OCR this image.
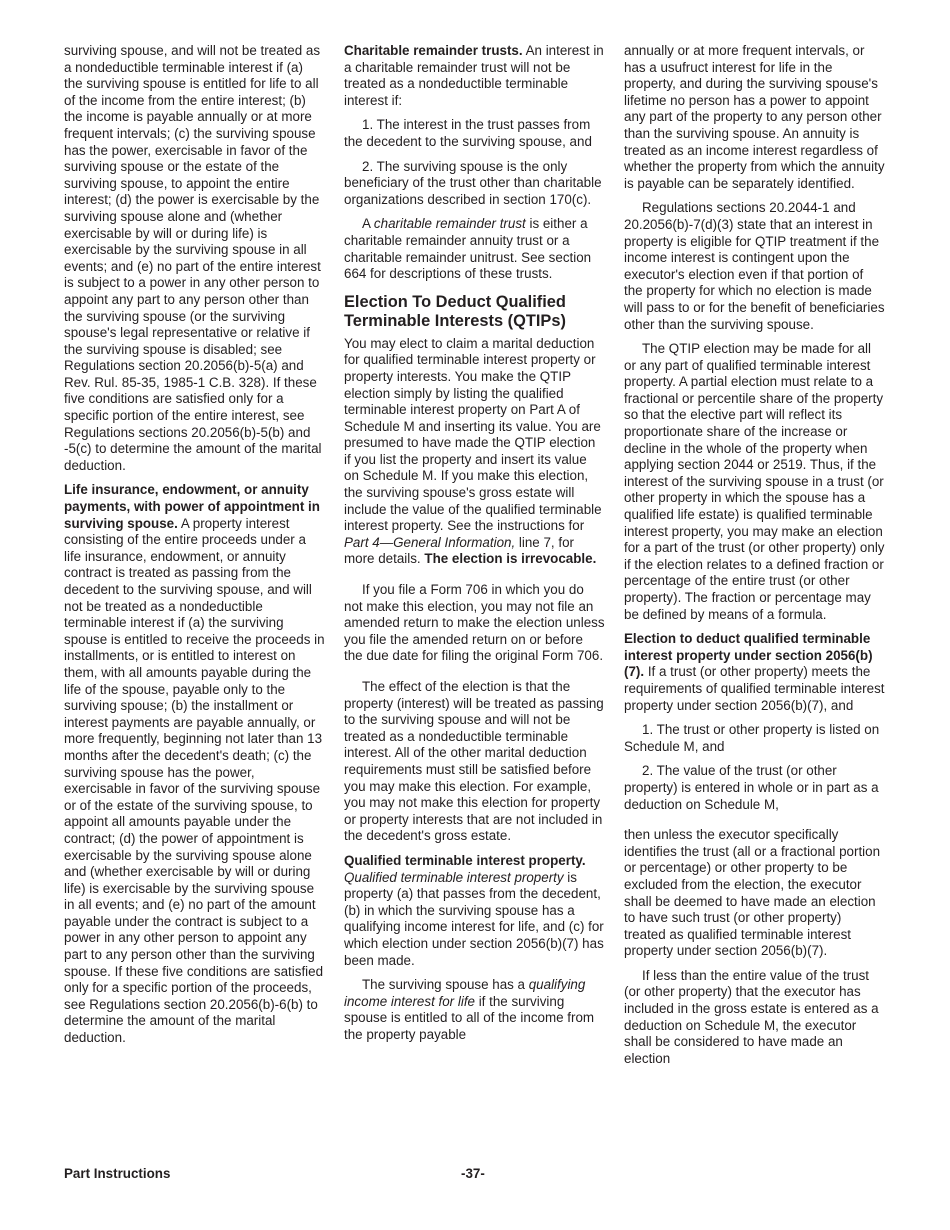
surviving spouse, and will not be treated as a nondeductible terminable interest if (a) the surviving spouse is entitled for life to all of the income from the entire interest; (b) the income is payable annually or at more frequent intervals; (c) the surviving spouse has the power, exercisable in favor of the surviving spouse or the estate of the surviving spouse, to appoint the entire interest; (d) the power is exercisable by the surviving spouse alone and (whether exercisable by will or during life) is exercisable by the surviving spouse in all events; and (e) no part of the entire interest is subject to a power in any other person to appoint any part to any person other than the surviving spouse (or the surviving spouse's legal representative or relative if the surviving spouse is disabled; see Regulations section 20.2056(b)-5(a) and Rev. Rul. 85-35, 1985-1 C.B. 328). If these five conditions are satisfied only for a specific portion of the entire interest, see Regulations sections 20.2056(b)-5(b) and -5(c) to determine the amount of the marital deduction.

Life insurance, endowment, or annuity payments, with power of appointment in surviving spouse. A property interest consisting of the entire proceeds under a life insurance, endowment, or annuity contract is treated as passing from the decedent to the surviving spouse, and will not be treated as a nondeductible terminable interest if (a) the surviving spouse is entitled to receive the proceeds in installments, or is entitled to interest on them, with all amounts payable during the life of the spouse, payable only to the surviving spouse; (b) the installment or interest payments are payable annually, or more frequently, beginning not later than 13 months after the decedent's death; (c) the surviving spouse has the power, exercisable in favor of the surviving spouse or of the estate of the surviving spouse, to appoint all amounts payable under the contract; (d) the power of appointment is exercisable by the surviving spouse alone and (whether exercisable by will or during life) is exercisable by the surviving spouse in all events; and (e) no part of the amount payable under the contract is subject to a power in any other person to appoint any part to any person other than the surviving spouse. If these five conditions are satisfied only for a specific portion of the proceeds, see Regulations section 20.2056(b)-6(b) to determine the amount of the marital deduction.

Charitable remainder trusts. An interest in a charitable remainder trust will not be treated as a nondeductible terminable interest if:

1. The interest in the trust passes from the decedent to the surviving spouse, and

2. The surviving spouse is the only beneficiary of the trust other than charitable organizations described in section 170(c).

A charitable remainder trust is either a charitable remainder annuity trust or a charitable remainder unitrust. See section 664 for descriptions of these trusts.

Election To Deduct Qualified Terminable Interests (QTIPs)

You may elect to claim a marital deduction for qualified terminable interest property or property interests. You make the QTIP election simply by listing the qualified terminable interest property on Part A of Schedule M and inserting its value. You are presumed to have made the QTIP election if you list the property and insert its value on Schedule M. If you make this election, the surviving spouse's gross estate will include the value of the qualified terminable interest property. See the instructions for Part 4—General Information, line 7, for more details. The election is irrevocable.

If you file a Form 706 in which you do not make this election, you may not file an amended return to make the election unless you file the amended return on or before the due date for filing the original Form 706.

The effect of the election is that the property (interest) will be treated as passing to the surviving spouse and will not be treated as a nondeductible terminable interest. All of the other marital deduction requirements must still be satisfied before you may make this election. For example, you may not make this election for property or property interests that are not included in the decedent's gross estate.

Qualified terminable interest property. Qualified terminable interest property is property (a) that passes from the decedent, (b) in which the surviving spouse has a qualifying income interest for life, and (c) for which election under section 2056(b)(7) has been made.

The surviving spouse has a qualifying income interest for life if the surviving spouse is entitled to all of the income from the property payable

annually or at more frequent intervals, or has a usufruct interest for life in the property, and during the surviving spouse's lifetime no person has a power to appoint any part of the property to any person other than the surviving spouse. An annuity is treated as an income interest regardless of whether the property from which the annuity is payable can be separately identified.

Regulations sections 20.2044-1 and 20.2056(b)-7(d)(3) state that an interest in property is eligible for QTIP treatment if the income interest is contingent upon the executor's election even if that portion of the property for which no election is made will pass to or for the benefit of beneficiaries other than the surviving spouse.

The QTIP election may be made for all or any part of qualified terminable interest property. A partial election must relate to a fractional or percentile share of the property so that the elective part will reflect its proportionate share of the increase or decline in the whole of the property when applying section 2044 or 2519. Thus, if the interest of the surviving spouse in a trust (or other property in which the spouse has a qualified life estate) is qualified terminable interest property, you may make an election for a part of the trust (or other property) only if the election relates to a defined fraction or percentage of the entire trust (or other property). The fraction or percentage may be defined by means of a formula.

Election to deduct qualified terminable interest property under section 2056(b)(7). If a trust (or other property) meets the requirements of qualified terminable interest property under section 2056(b)(7), and

1. The trust or other property is listed on Schedule M, and

2. The value of the trust (or other property) is entered in whole or in part as a deduction on Schedule M,

then unless the executor specifically identifies the trust (all or a fractional portion or percentage) or other property to be excluded from the election, the executor shall be deemed to have made an election to have such trust (or other property) treated as qualified terminable interest property under section 2056(b)(7).

If less than the entire value of the trust (or other property) that the executor has included in the gross estate is entered as a deduction on Schedule M, the executor shall be considered to have made an election

Part Instructions	-37-
